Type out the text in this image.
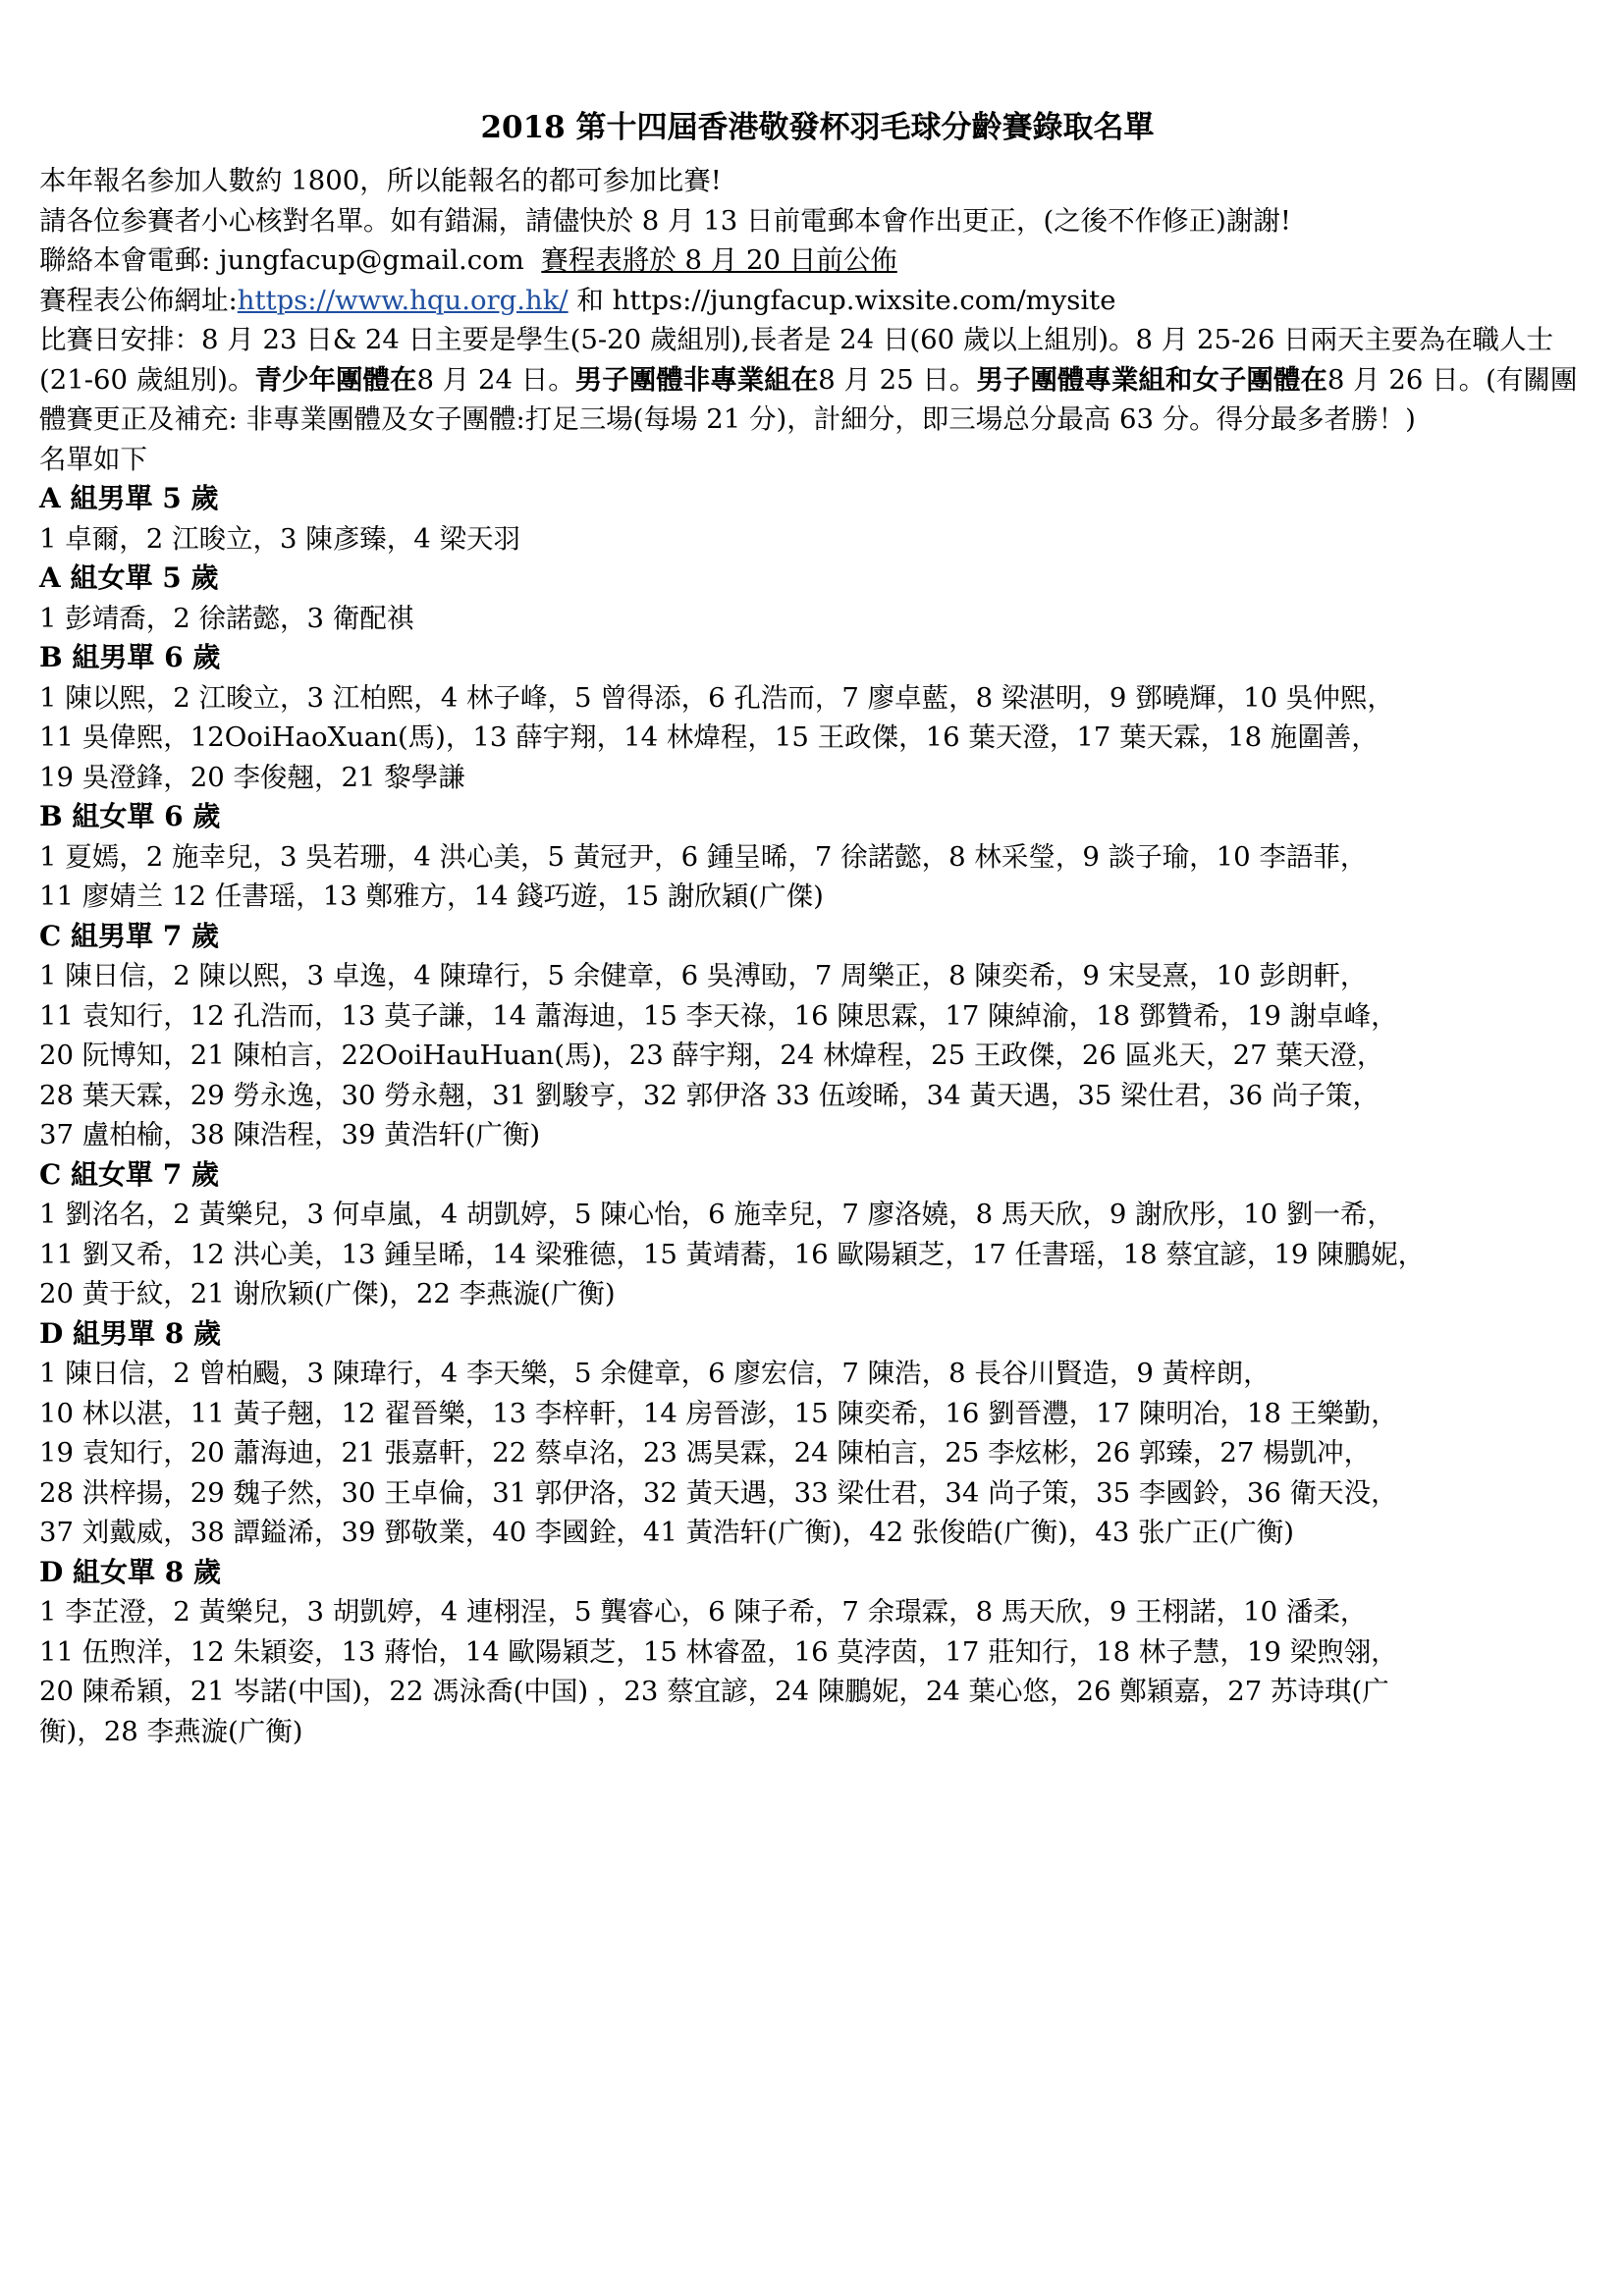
2018 第十四屆香港敬發杯羽毛球分齡賽錄取名單

本年報名参加人數約 1800，所以能報名的都可参加比賽!

請各位参賽者小心核對名單。如有錯漏，請儘快於 8 月 13 日前電郵本會作出更正，(之後不作修正)謝謝!

聯絡本會電郵: jungfacup@gmail.com 賽程表將於 8 月 20 日前公佈

賽程表公佈網址:https://www.hqu.org.hk/ 和 https://jungfacup.wixsite.com/mysite

比賽日安排：8 月 23 日& 24 日主要是學生(5-20 歲組別),長者是 24 日(60 歲以上組別)。8 月 25-26 日兩天主要為在職人士(21-60 歲組別)。青少年團體在8 月 24 日。男子團體非專業組在8 月 25 日。男子團體專業組和女子團體在8 月 26 日。(有關團體賽更正及補充: 非專業團體及女子團體:打足三場(每場 21 分)，計細分，即三場总分最高 63 分。得分最多者勝！)

名單如下

A 組男單 5 歲
1 卓爾，2 江晙立，3 陳彥臻，4 梁天羽
A 組女單 5 歲
1 彭靖喬，2 徐諾懿，3 衛配祺
B 組男單 6 歲
1 陳以熙，2 江晙立，3 江柏熙，4 林子峰，5 曾得添，6 孔浩而，7 廖卓藍，8 梁湛明，9 鄧曉輝，10 吳仲熙，
11 吳偉熙，12OoiHaoXuan(馬)，13 薛宇翔，14 林煒程，15 王政傑，16 葉天澄，17 葉天霖，18 施圍善，
19 吳澄鋒，20 李俊翹，21 黎學謙
B 組女單 6 歲
1 夏嫣，2 施幸兒，3 吳若珊，4 洪心美，5 黃冠尹，6 鍾呈晞，7 徐諾懿，8 林采瑩，9 談子瑜，10 李語菲，
11 廖婧兰 12 任書瑶，13 鄭雅方，14 錢巧遊，15 謝欣穎(广傑)
C 組男單 7 歲
1 陳日信，2 陳以熙，3 卓逸，4 陳瑋行，5 余健章，6 吳溥劻，7 周樂正，8 陳奕希，9 宋旻熹，10 彭朗軒，
11 袁知行，12 孔浩而，13 莫子謙，14 蕭海迪，15 李天祿，16 陳思霖，17 陳綽渝，18 鄧贊希，19 謝卓峰，
20 阮博知，21 陳柏言，22OoiHauHuan(馬)，23 薛宇翔，24 林煒程，25 王政傑，26 區兆天，27 葉天澄，
28 葉天霖，29 勞永逸，30 勞永翹，31 劉駿亨，32 郭伊洛 33 伍竣晞，34 黃天遇，35 梁仕君，36 尚子策，
37 盧柏榆，38 陳浩程，39 黄浩轩(广衡)
C 組女單 7 歲
1 劉洺名，2 黃樂兒，3 何卓嵐，4 胡凱婷，5 陳心怡，6 施幸兒，7 廖洛嬈，8 馬天欣，9 謝欣彤，10 劉一希，
11 劉又希，12 洪心美，13 鍾呈晞，14 梁雅德，15 黃靖蕎，16 歐陽穎芝，17 任書瑶，18 蔡宜諺，19 陳鵬妮，
20 黄于紋，21 谢欣颖(广傑)，22 李燕漩(广衡)
D 組男單 8 歲
1 陳日信，2 曾柏颺，3 陳瑋行，4 李天樂，5 余健章，6 廖宏信，7 陳浩，8 長谷川賢造，9 黃梓朗，
10 林以湛，11 黃子翹，12 翟晉樂，13 李梓軒，14 房晉澎，15 陳奕希，16 劉晉灃，17 陳明冶，18 王樂勤，
19 袁知行，20 蕭海迪，21 張嘉軒，22 蔡卓洺，23 馮昊霖，24 陳柏言，25 李炫彬，26 郭臻，27 楊凱冲，
28 洪梓揚，29 魏子然，30 王卓倫，31 郭伊洛，32 黃天遇，33 梁仕君，34 尚子策，35 李國鈴，36 衛天没，
37 刘戴威，38 譚鎰浠，39 鄧敬業，40 李國銓，41 黃浩轩(广衡)，42 张俊皓(广衡)，43 张广正(广衡)
D 組女單 8 歲
1 李芷澄，2 黃樂兒，3 胡凱婷，4 連栩浧，5 龔睿心，6 陳子希，7 余璟霖，8 馬天欣，9 王栩諾，10 潘柔，
11 伍煦洋，12 朱穎姿，13 蔣怡，14 歐陽穎芝，15 林睿盈，16 莫浡茵，17 莊知行，18 林子慧，19 梁煦翎，
20 陳希穎，21 岑諾(中国)，22 馮泳喬(中国) ，23 蔡宜諺，24 陳鵬妮，24 葉心悠，26 鄭穎嘉，27 苏诗琪(广
衡)，28 李燕漩(广衡)
